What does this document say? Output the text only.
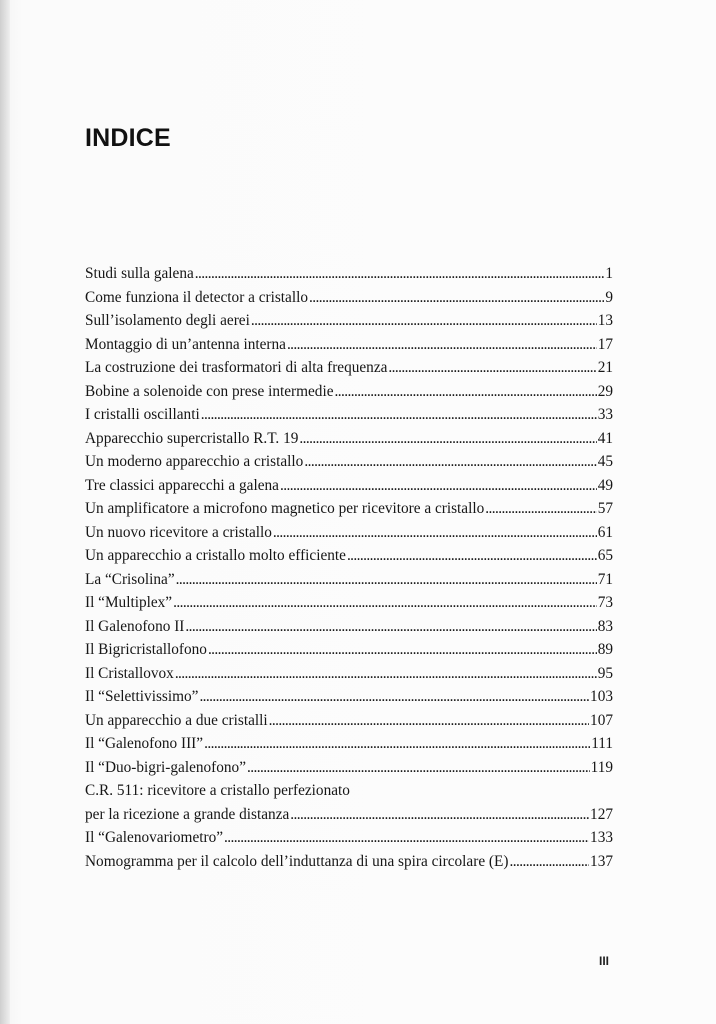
INDICE
Studi sulla galena . . .	1
Come funziona il detector a cristallo . . .	9
Sull’isolamento degli aerei . . .	13
Montaggio di un’antenna interna . . .	17
La costruzione dei trasformatori di alta frequenza . . .	21
Bobine a solenoide con prese intermedie . . .	29
I cristalli oscillanti . . .	33
Apparecchio supercristallo R.T. 19 . . .	41
Un moderno apparecchio a cristallo . . .	45
Tre classici apparecchi a galena . . .	49
Un amplificatore a microfono magnetico per ricevitore a cristallo . . .	57
Un nuovo ricevitore a cristallo . . .	61
Un apparecchio a cristallo molto efficiente . . .	65
La “Crisolina” . . .	71
Il “Multiplex” . . .	73
Il Galenofono II . . .	83
Il Bigricristallofono . . .	89
Il Cristallovox . . .	95
Il “Selettivissimo” . . .	103
Un apparecchio a due cristalli . . .	107
Il “Galenofono III” . . .	111
Il “Duo-bigri-galenofono” . . .	119
C.R. 511: ricevitore a cristallo perfezionato
per la ricezione a grande distanza . . .	127
Il “Galenovariometro” . . .	133
Nomogramma per il calcolo dell’induttanza di una spira circolare (E) . . .	137
III
